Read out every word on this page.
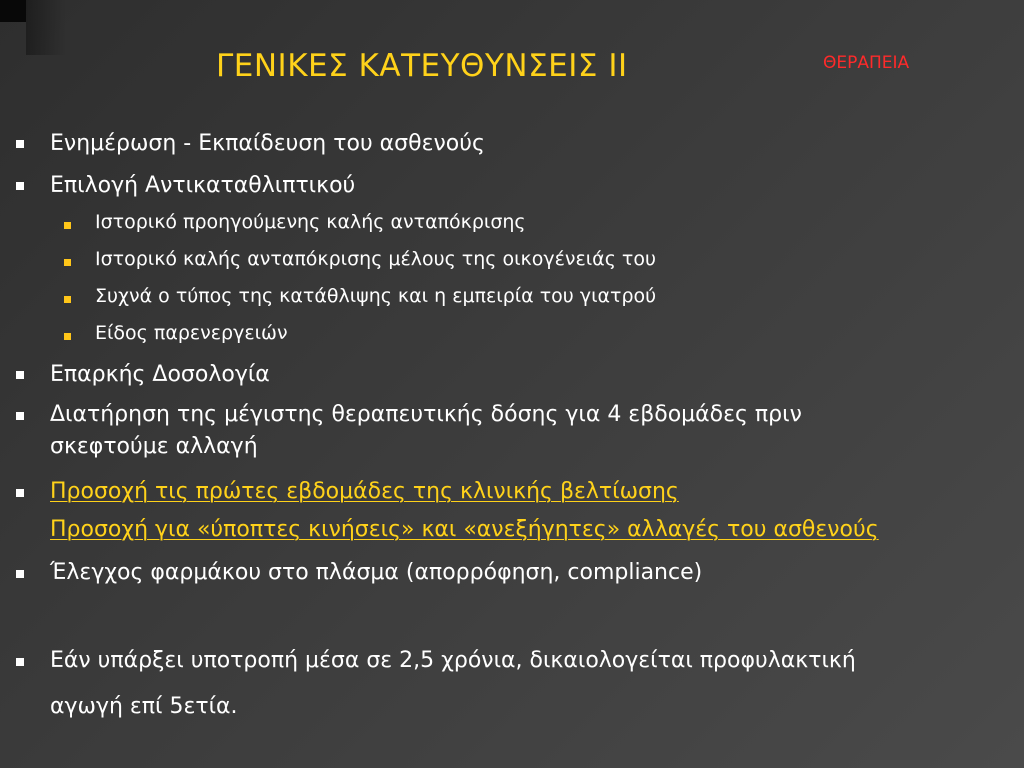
ΓΕΝΙΚΕΣ ΚΑΤΕΥΘΥΝΣΕΙΣ ΙΙ	ΘΕΡΑΠΕΙΑ
Ενημέρωση - Εκπαίδευση του ασθενούς
Επιλογή Αντικαταθλιπτικού
Ιστορικό προηγούμενης καλής ανταπόκρισης
Ιστορικό καλής ανταπόκρισης μέλους της οικογένειάς του
Συχνά ο τύπος της κατάθλιψης και η εμπειρία του γιατρού
Είδος παρενεργειών
Επαρκής Δοσολογία
Διατήρηση της μέγιστης θεραπευτικής δόσης για 4 εβδομάδες πριν
σκεφτούμε αλλαγή
Προσοχή τις πρώτες εβδομάδες της κλινικής βελτίωσης
Προσοχή για «ύποπτες κινήσεις» και «ανεξήγητες» αλλαγές του ασθενούς
Έλεγχος φαρμάκου στο πλάσμα (απορρόφηση, compliance)
Εάν υπάρξει υποτροπή μέσα σε 2,5 χρόνια, δικαιολογείται προφυλακτική
αγωγή επί 5ετία.
